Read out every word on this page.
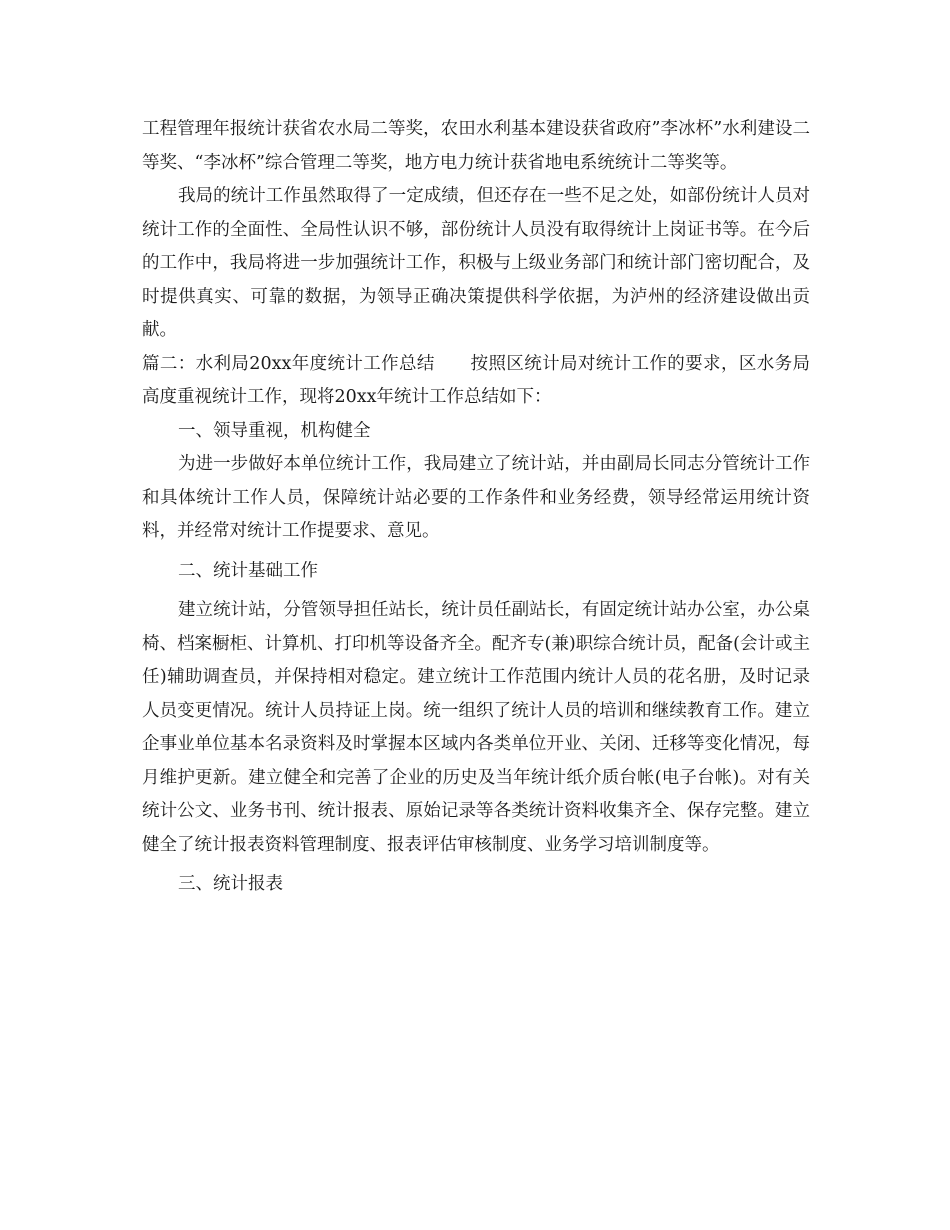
工程管理年报统计获省农水局二等奖，农田水利基本建设获省政府”李冰杯”水利建设二等奖、“李冰杯”综合管理二等奖，地方电力统计获省地电系统统计二等奖等。

我局的统计工作虽然取得了一定成绩，但还存在一些不足之处，如部份统计人员对统计工作的全面性、全局性认识不够，部份统计人员没有取得统计上岗证书等。在今后的工作中，我局将进一步加强统计工作，积极与上级业务部门和统计部门密切配合，及时提供真实、可靠的数据，为领导正确决策提供科学依据，为泸州的经济建设做出贡献。

篇二：水利局20xx年度统计工作总结　　按照区统计局对统计工作的要求，区水务局高度重视统计工作，现将20xx年统计工作总结如下：

一、领导重视，机构健全

为进一步做好本单位统计工作，我局建立了统计站，并由副局长同志分管统计工作和具体统计工作人员，保障统计站必要的工作条件和业务经费，领导经常运用统计资料，并经常对统计工作提要求、意见。

二、统计基础工作

建立统计站，分管领导担任站长，统计员任副站长，有固定统计站办公室，办公桌椅、档案橱柜、计算机、打印机等设备齐全。配齐专(兼)职综合统计员，配备(会计或主任)辅助调查员，并保持相对稳定。建立统计工作范围内统计人员的花名册，及时记录人员变更情况。统计人员持证上岗。统一组织了统计人员的培训和继续教育工作。建立企事业单位基本名录资料及时掌握本区域内各类单位开业、关闭、迁移等变化情况，每月维护更新。建立健全和完善了企业的历史及当年统计纸介质台帐(电子台帐)。对有关统计公文、业务书刊、统计报表、原始记录等各类统计资料收集齐全、保存完整。建立健全了统计报表资料管理制度、报表评估审核制度、业务学习培训制度等。

三、统计报表
